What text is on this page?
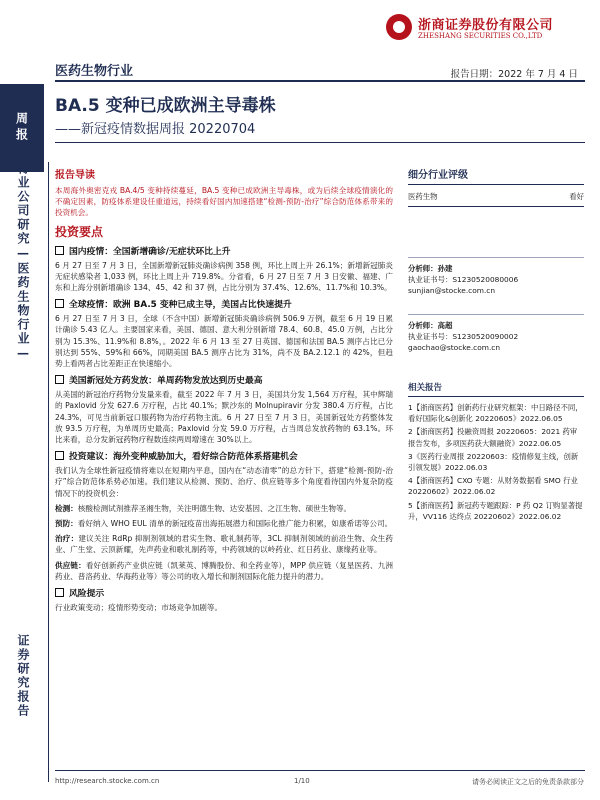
浙商证券股份有限公司
ZHESHANG SECURITIES CO.,LTD
医药生物行业	报告日期：2022 年 7 月 4 日
周报
行业公司研究—医药生物行业—
证券研究报告
BA.5 变种已成欧洲主导毒株
——新冠疫情数据周报 20220704
报告导读

本周海外奥密克戎 BA.4/5 变种持续蔓延，BA.5 变种已成欧洲主导毒株，或为后续全球疫情演化的不确定因素，防疫体系建设任重道远，持续看好国内加速搭建“检测-预防-治疗”综合防范体系带来的投资机会。

投资要点
国内疫情：全国新增确诊/无症状环比上升

6 月 27 日至 7 月 3 日，全国新增新冠肺炎确诊病例 358 例，环比上周上升 26.1%；新增新冠肺炎无症状感染者 1,033 例，环比上周上升 719.8%。分省看，6 月 27 日至 7 月 3 日安徽、福建、广东和上海分别新增确诊 134、45、42 和 37 例，占比分别为 37.4%、12.6%、11.7%和 10.3%。

全球疫情：欧洲 BA.5 变种已成主导，美国占比快速提升

6 月 27 日至 7 月 3 日，全球（不含中国）新增新冠肺炎确诊病例 506.9 万例，截至 6 月 19 日累计确诊 5.43 亿人。主要国家来看，美国、德国、意大利分别新增 78.4、60.8、45.0 万例，占比分别为 15.3%、11.9%和 8.8%，。2022 年 6 月 13 至 27 日英国、德国和法国 BA.5 测序占比已分别达到 55%、59%和 66%，同期美国 BA.5 测序占比为 31%，尚不及 BA.2.12.1 的 42%，但趋势上看两者占比差距正在快速缩小。

美国新冠处方药发放：单周药物发放达到历史最高

从美国的新冠治疗药物分发量来看，截至 2022 年 7 月 3 日，美国共分发 1,564 万疗程，其中辉瑞的 Paxlovid 分发 627.6 万疗程，占比 40.1%；默沙东的 Molnupiravir 分发 380.4 万疗程，占比 24.3%，可见当前新冠口服药物为治疗药物主流。6 月 27 日至 7 月 3 日，美国新冠处方药整体发放 93.5 万疗程，为单周历史最高；Paxlovid 分发 59.0 万疗程，占当周总发放药物的 63.1%。环比来看，总分发新冠药物疗程数连续两周增速在 30%以上。

投资建议：海外变种威胁加大，看好综合防范体系搭建机会

我们认为全球性新冠疫情将难以在短期内平息，国内在“动态清零”的总方针下，搭建“检测-预防-治疗”综合防范体系势必加速。我们建议从检测、预防、治疗、供应链等多个角度看待国内外复杂防疫情况下的投资机会：

检测：核酸检测试剂推荐圣湘生物，关注明德生物、达安基因、之江生物、硕世生物等。

预防：看好纳入 WHO EUL 清单的新冠疫苗出海拓展潜力和国际化推广能力积累，如康希诺等公司。

治疗：建议关注 RdRp 抑制剂领域的君实生物、歌礼制药等，3CL 抑制剂领域的前沿生物、众生药业、广生堂、云顶新耀，先声药业和歌礼制药等，中药领域的以岭药业、红日药业、康缘药业等。

供应链：看好创新药产业供应链（凯莱英、博腾股份、和全药业等），MPP 供应链（复星医药、九洲药业、普洛药业、华海药业等）等公司的收入增长和制剂国际化能力提升的潜力。

风险提示

行业政策变动；疫情形势变动；市场竞争加剧等。

细分行业评级
医药生物	看好
分析师：孙建
执业证书号：S1230520080006
sunjian@stocke.com.cn
分析师：高超
执业证书号：S1230520090002
gaochao@stocke.com.cn
相关报告
1【浙商医药】创新药行业研究框架：中日路径不同，看好国际化&创新化 20220605》2022.06.05
2【浙商医药】投融资周报 20220605：2021 药审报告发布，多项医药获大额融资》2022.06.05
3《医药行业周报 20220603：疫情修复主线，创新引领发展》2022.06.03
4【浙商医药】CXO 专题：从财务数据看 SMO 行业 20220602》2022.06.02
5【浙商医药】新冠药专题跟踪：P 药 Q2 订购显著提升，VV116 达终点 20220602》2022.06.02
http://research.stocke.com.cn	1/10	请务必阅读正文之后的免责条款部分
